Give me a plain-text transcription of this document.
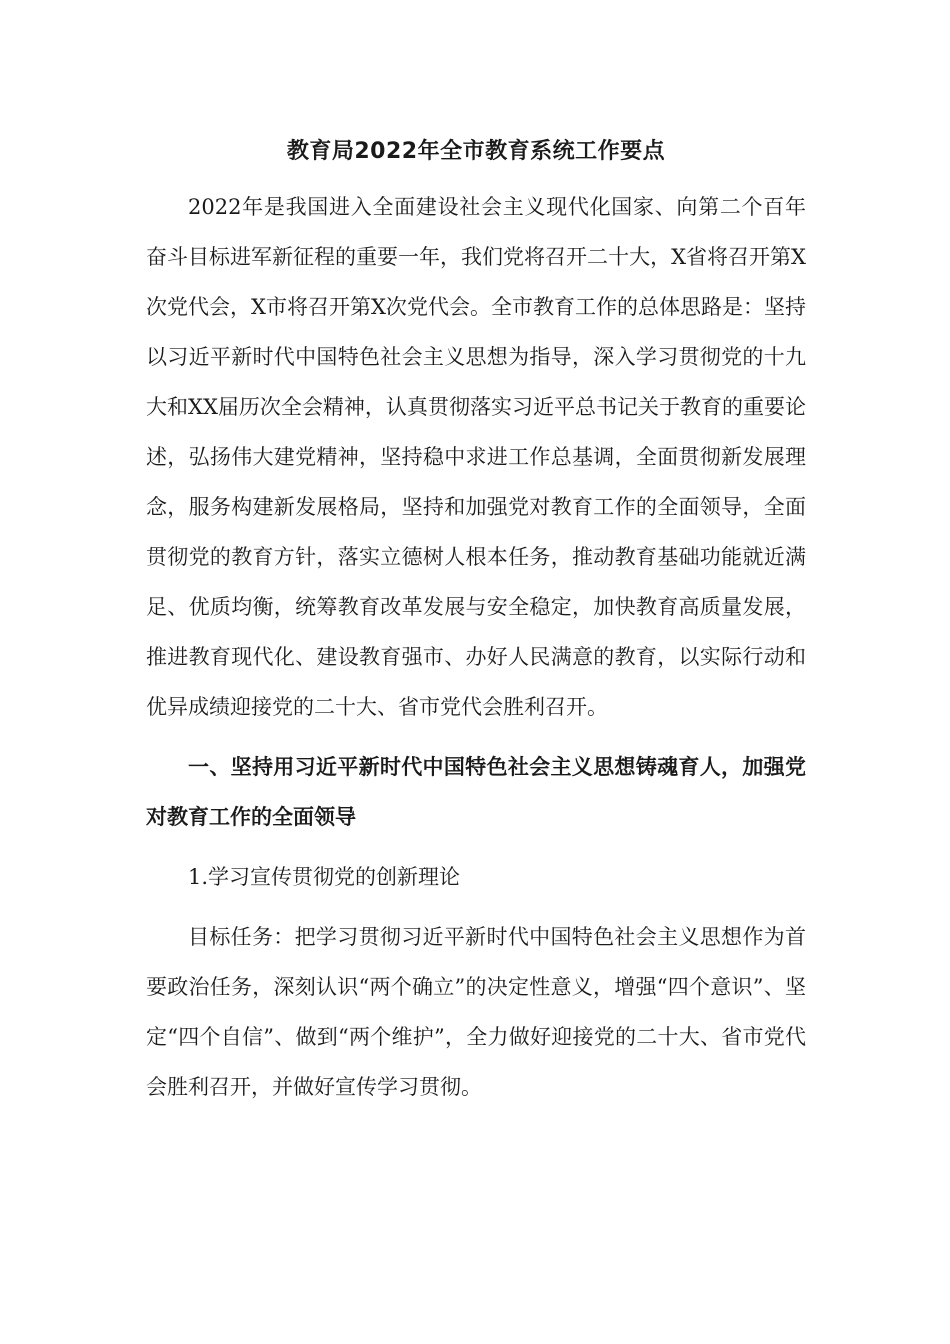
教育局2022年全市教育系统工作要点

2022年是我国进入全面建设社会主义现代化国家、向第二个百年奋斗目标进军新征程的重要一年，我们党将召开二十大，X省将召开第X次党代会，X市将召开第X次党代会。全市教育工作的总体思路是：坚持以习近平新时代中国特色社会主义思想为指导，深入学习贯彻党的十九大和XX届历次全会精神，认真贯彻落实习近平总书记关于教育的重要论述，弘扬伟大建党精神，坚持稳中求进工作总基调，全面贯彻新发展理念，服务构建新发展格局，坚持和加强党对教育工作的全面领导，全面贯彻党的教育方针，落实立德树人根本任务，推动教育基础功能就近满足、优质均衡，统筹教育改革发展与安全稳定，加快教育高质量发展，推进教育现代化、建设教育强市、办好人民满意的教育，以实际行动和优异成绩迎接党的二十大、省市党代会胜利召开。

一、坚持用习近平新时代中国特色社会主义思想铸魂育人，加强党对教育工作的全面领导

1.学习宣传贯彻党的创新理论

目标任务：把学习贯彻习近平新时代中国特色社会主义思想作为首要政治任务，深刻认识“两个确立”的决定性意义，增强“四个意识”、坚定“四个自信”、做到“两个维护”，全力做好迎接党的二十大、省市党代会胜利召开，并做好宣传学习贯彻。
